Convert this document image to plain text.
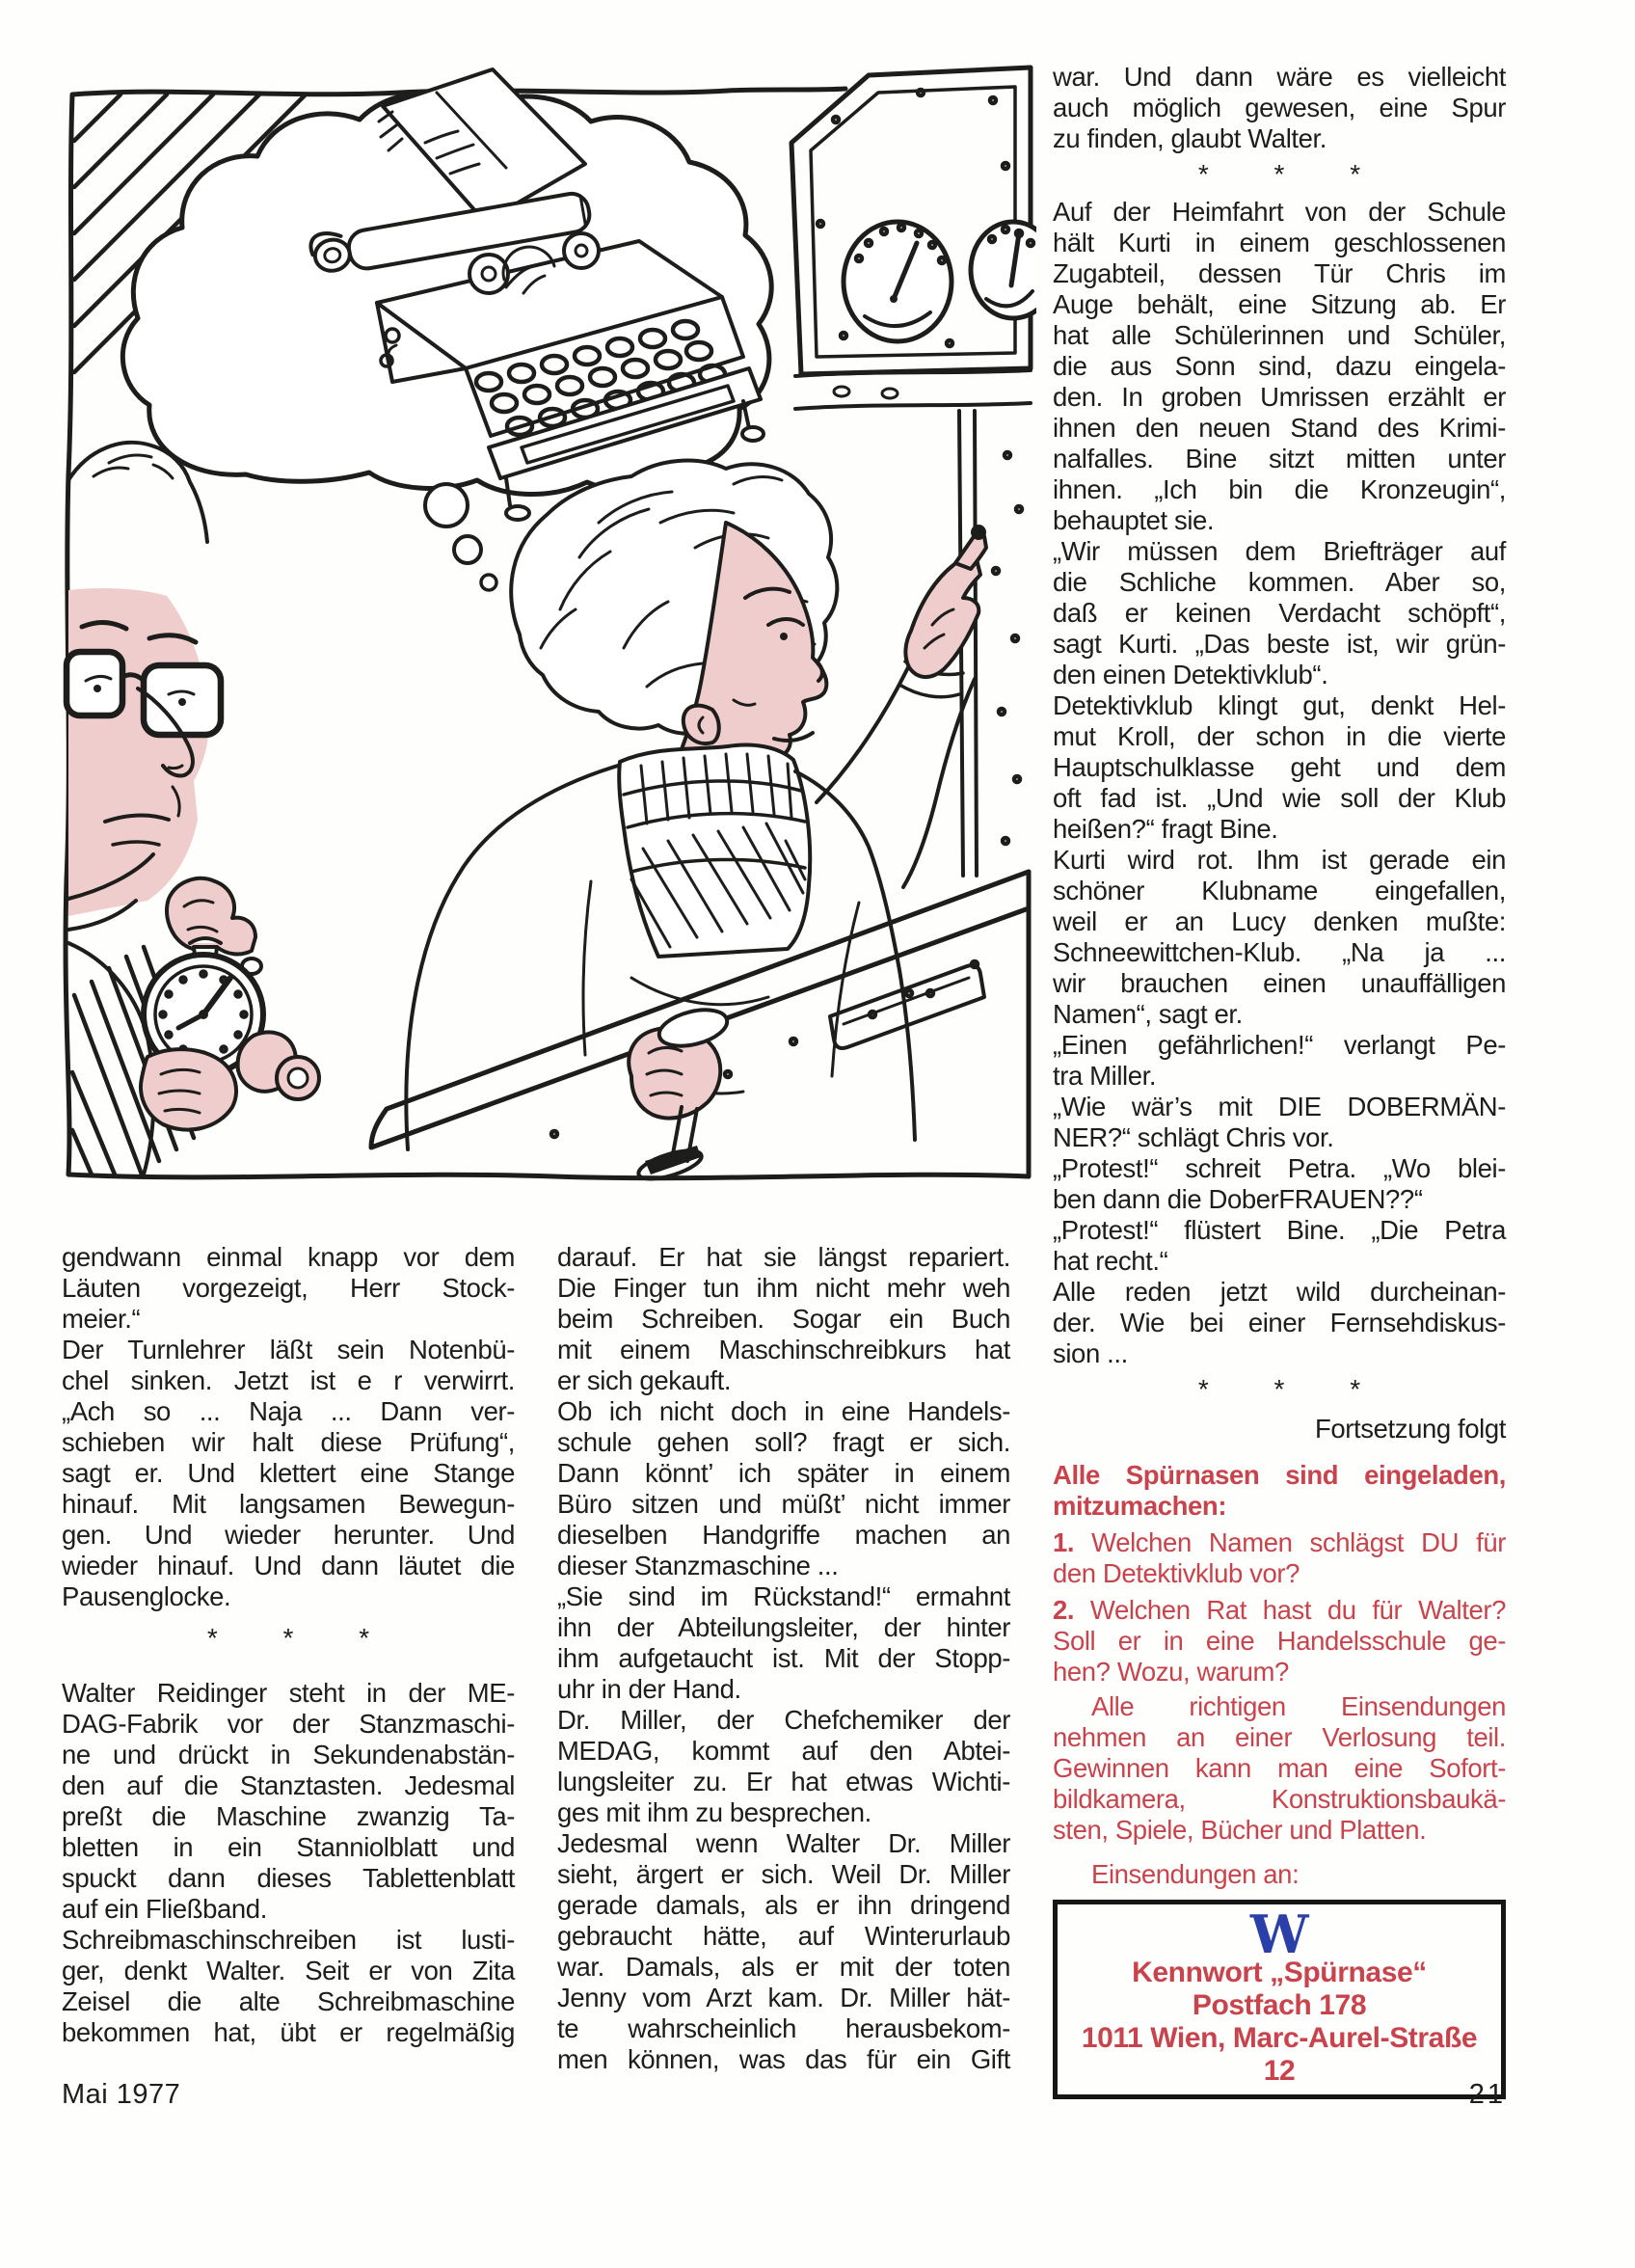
gendwann einmal knapp vor dem
Läuten vorgezeigt, Herr Stock-
meier.“
Der Turnlehrer läßt sein Notenbü-
chel sinken. Jetzt ist e r verwirrt.
„Ach so ... Naja ... Dann ver-
schieben wir halt diese Prüfung“,
sagt er. Und klettert eine Stange
hinauf. Mit langsamen Bewegun-
gen. Und wieder herunter. Und
wieder hinauf. Und dann läutet die
Pausenglocke.
* * *
Walter Reidinger steht in der ME-
DAG-Fabrik vor der Stanzmaschi-
ne und drückt in Sekundenabstän-
den auf die Stanztasten. Jedesmal
preßt die Maschine zwanzig Ta-
bletten in ein Stanniolblatt und
spuckt dann dieses Tablettenblatt
auf ein Fließband.
Schreibmaschinschreiben ist lusti-
ger, denkt Walter. Seit er von Zita
Zeisel die alte Schreibmaschine
bekommen hat, übt er regelmäßig
darauf. Er hat sie längst repariert.
Die Finger tun ihm nicht mehr weh
beim Schreiben. Sogar ein Buch
mit einem Maschinschreibkurs hat
er sich gekauft.
Ob ich nicht doch in eine Handels-
schule gehen soll? fragt er sich.
Dann könnt’ ich später in einem
Büro sitzen und müßt’ nicht immer
dieselben Handgriffe machen an
dieser Stanzmaschine ...
„Sie sind im Rückstand!“ ermahnt
ihn der Abteilungsleiter, der hinter
ihm aufgetaucht ist. Mit der Stopp-
uhr in der Hand.
Dr. Miller, der Chefchemiker der
MEDAG, kommt auf den Abtei-
lungsleiter zu. Er hat etwas Wichti-
ges mit ihm zu besprechen.
Jedesmal wenn Walter Dr. Miller
sieht, ärgert er sich. Weil Dr. Miller
gerade damals, als er ihn dringend
gebraucht hätte, auf Winterurlaub
war. Damals, als er mit der toten
Jenny vom Arzt kam. Dr. Miller hät-
te wahrscheinlich herausbekom-
men können, was das für ein Gift
war. Und dann wäre es vielleicht
auch möglich gewesen, eine Spur
zu finden, glaubt Walter.
* * *
Auf der Heimfahrt von der Schule
hält Kurti in einem geschlossenen
Zugabteil, dessen Tür Chris im
Auge behält, eine Sitzung ab. Er
hat alle Schülerinnen und Schüler,
die aus Sonn sind, dazu eingela-
den. In groben Umrissen erzählt er
ihnen den neuen Stand des Krimi-
nalfalles. Bine sitzt mitten unter
ihnen. „Ich bin die Kronzeugin“,
behauptet sie.
„Wir müssen dem Briefträger auf
die Schliche kommen. Aber so,
daß er keinen Verdacht schöpft“,
sagt Kurti. „Das beste ist, wir grün-
den einen Detektivklub“.
Detektivklub klingt gut, denkt Hel-
mut Kroll, der schon in die vierte
Hauptschulklasse geht und dem
oft fad ist. „Und wie soll der Klub
heißen?“ fragt Bine.
Kurti wird rot. Ihm ist gerade ein
schöner Klubname eingefallen,
weil er an Lucy denken mußte:
Schneewittchen-Klub. „Na ja ...
wir brauchen einen unauffälligen
Namen“, sagt er.
„Einen gefährlichen!“ verlangt Pe-
tra Miller.
„Wie wär’s mit DIE DOBERMÄN-
NER?“ schlägt Chris vor.
„Protest!“ schreit Petra. „Wo blei-
ben dann die DoberFRAUEN??“
„Protest!“ flüstert Bine. „Die Petra
hat recht.“
Alle reden jetzt wild durcheinan-
der. Wie bei einer Fernsehdiskus-
sion ...
* * *
Fortsetzung folgt
Alle Spürnasen sind eingeladen,
mitzumachen:
1. Welchen Namen schlägst DU für
den Detektivklub vor?
2. Welchen Rat hast du für Walter?
Soll er in eine Handelsschule ge-
hen? Wozu, warum?
Alle richtigen Einsendungen
nehmen an einer Verlosung teil.
Gewinnen kann man eine Sofort-
bildkamera, Konstruktionsbaukä-
sten, Spiele, Bücher und Platten.
Einsendungen an:
W
Kennwort „Spürnase“
Postfach 178
1011 Wien, Marc-Aurel-Straße 12
Mai 1977	21
